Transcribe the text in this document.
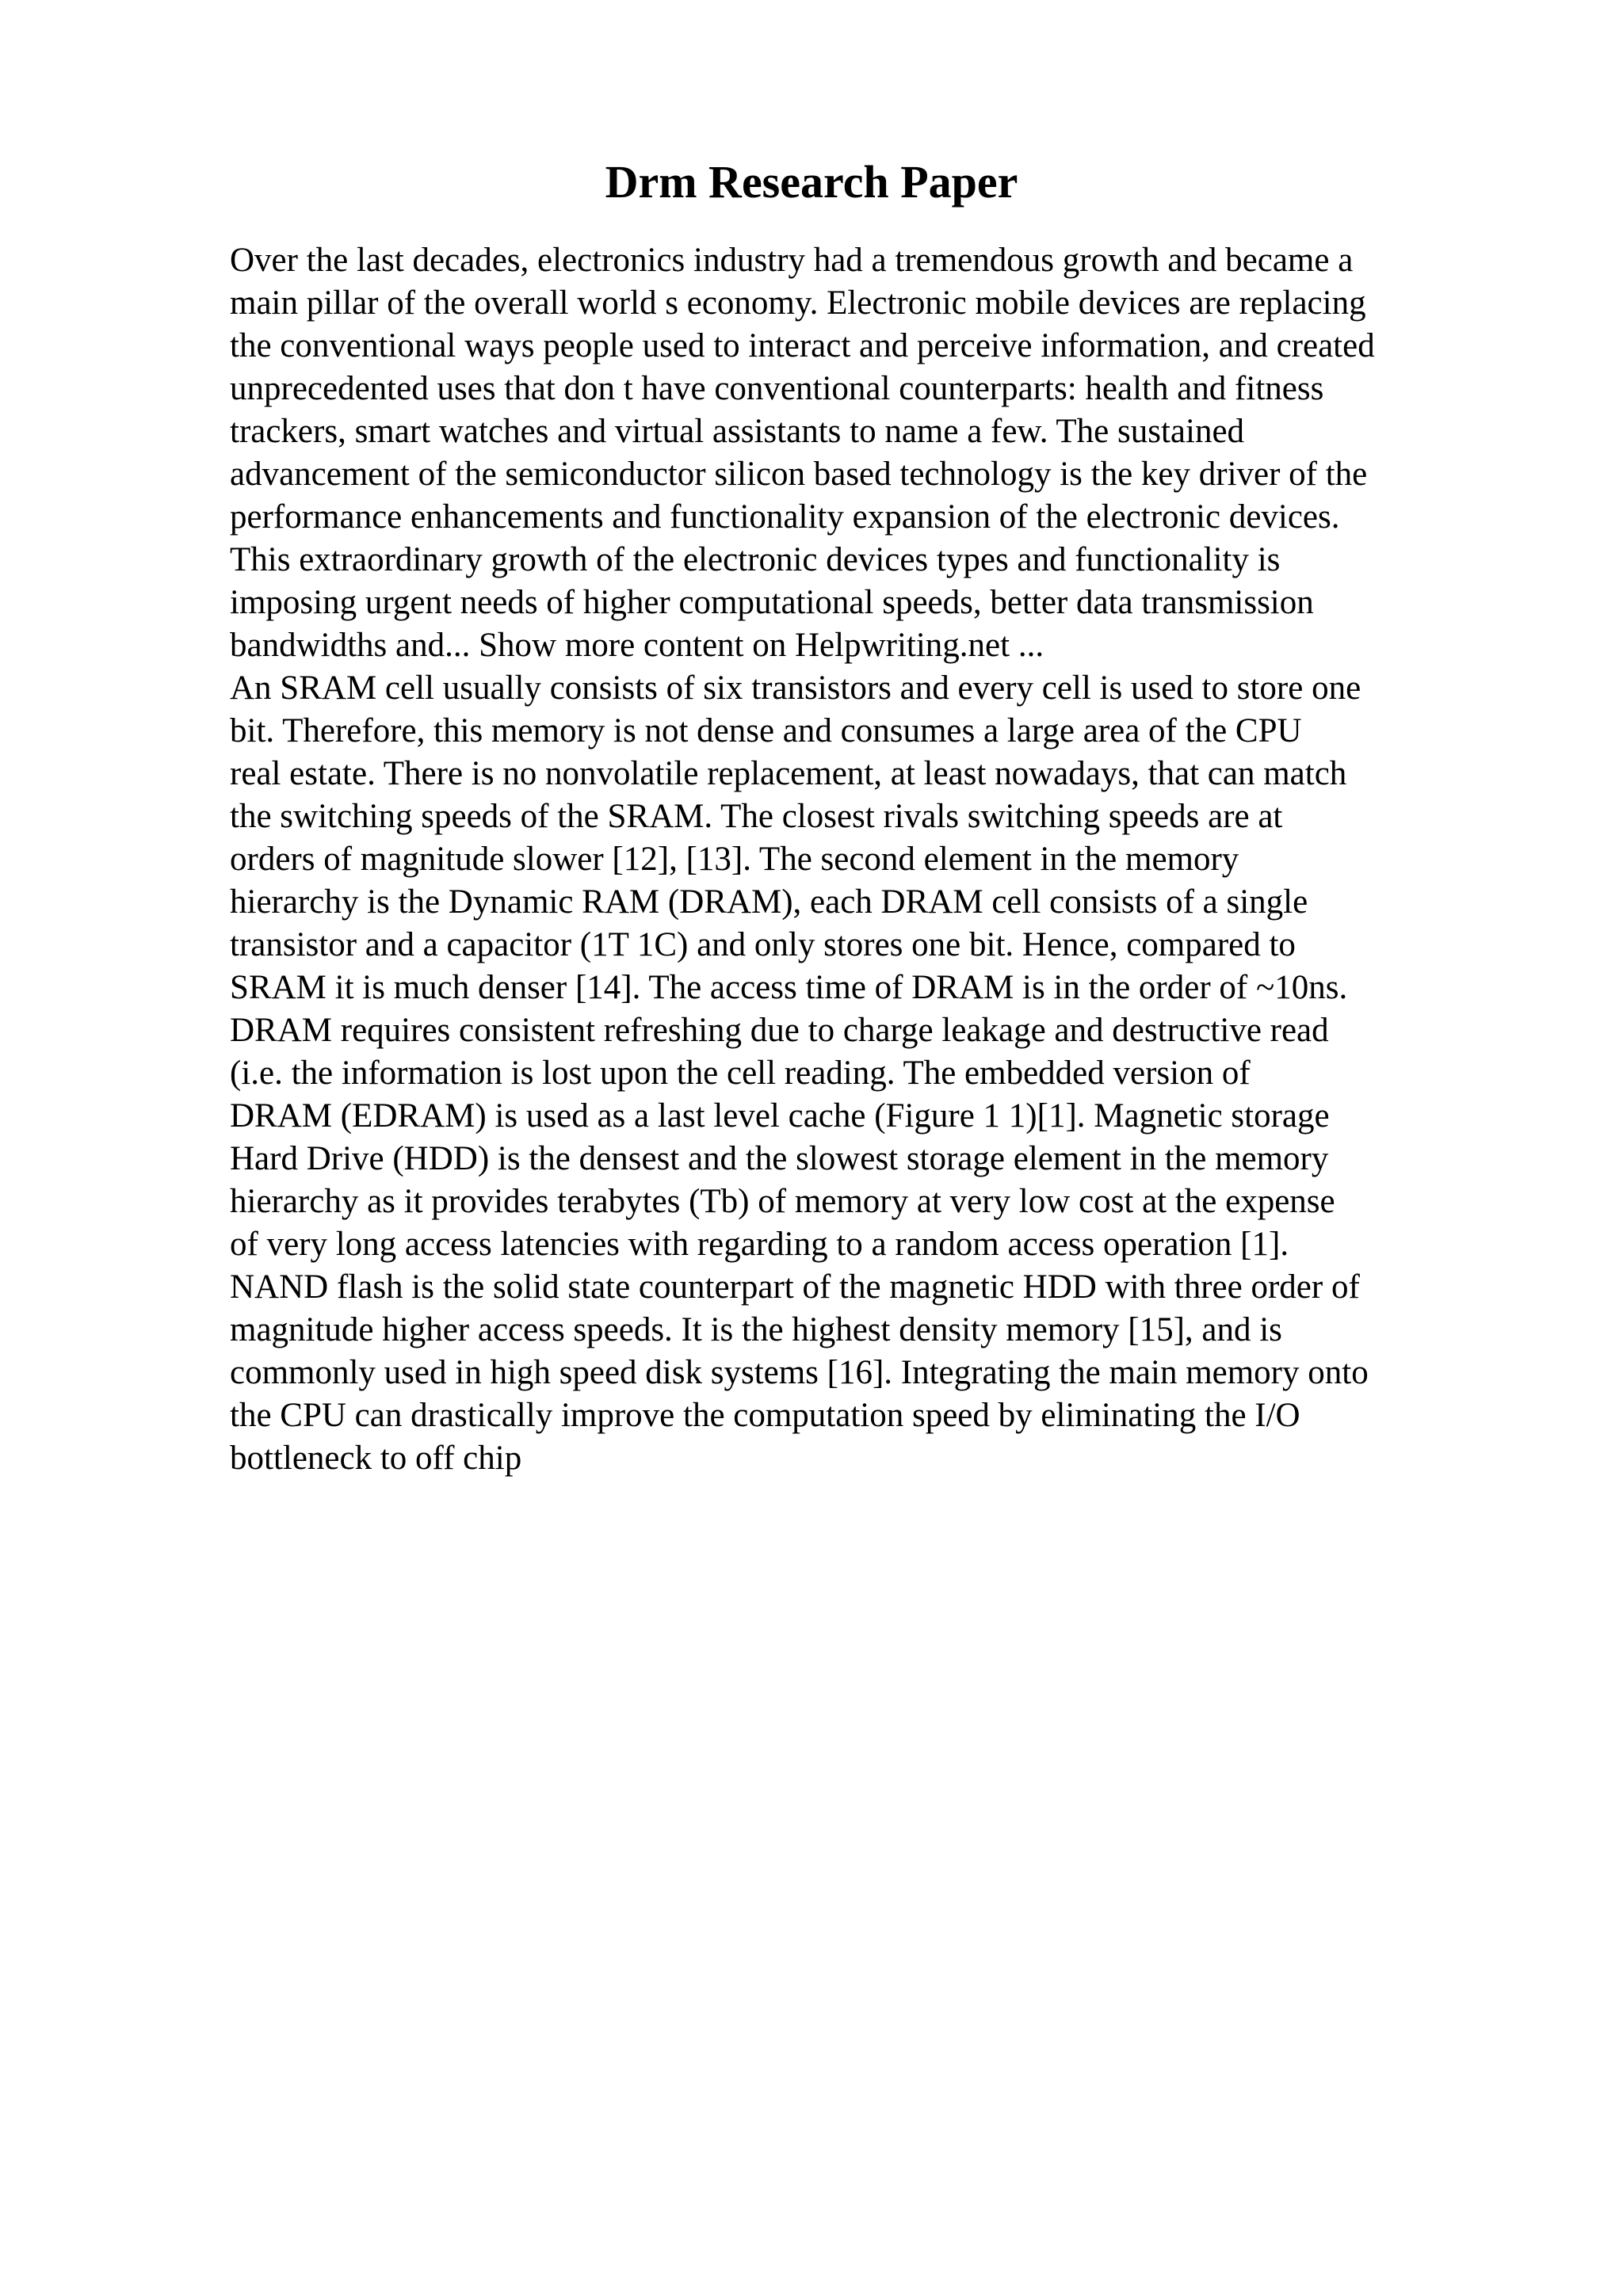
Drm Research Paper
Over the last decades, electronics industry had a tremendous growth and became a
main pillar of the overall world s economy. Electronic mobile devices are replacing
the conventional ways people used to interact and perceive information, and created
unprecedented uses that don t have conventional counterparts: health and fitness
trackers, smart watches and virtual assistants to name a few. The sustained
advancement of the semiconductor silicon based technology is the key driver of the
performance enhancements and functionality expansion of the electronic devices.
This extraordinary growth of the electronic devices types and functionality is
imposing urgent needs of higher computational speeds, better data transmission
bandwidths and... Show more content on Helpwriting.net ...
An SRAM cell usually consists of six transistors and every cell is used to store one
bit. Therefore, this memory is not dense and consumes a large area of the CPU
real estate. There is no nonvolatile replacement, at least nowadays, that can match
the switching speeds of the SRAM. The closest rivals switching speeds are at
orders of magnitude slower [12], [13]. The second element in the memory
hierarchy is the Dynamic RAM (DRAM), each DRAM cell consists of a single
transistor and a capacitor (1T 1C) and only stores one bit. Hence, compared to
SRAM it is much denser [14]. The access time of DRAM is in the order of ~10ns.
DRAM requires consistent refreshing due to charge leakage and destructive read
(i.e. the information is lost upon the cell reading. The embedded version of
DRAM (EDRAM) is used as a last level cache (Figure 1 1)[1]. Magnetic storage
Hard Drive (HDD) is the densest and the slowest storage element in the memory
hierarchy as it provides terabytes (Tb) of memory at very low cost at the expense
of very long access latencies with regarding to a random access operation [1].
NAND flash is the solid state counterpart of the magnetic HDD with three order of
magnitude higher access speeds. It is the highest density memory [15], and is
commonly used in high speed disk systems [16]. Integrating the main memory onto
the CPU can drastically improve the computation speed by eliminating the I/O
bottleneck to off chip
